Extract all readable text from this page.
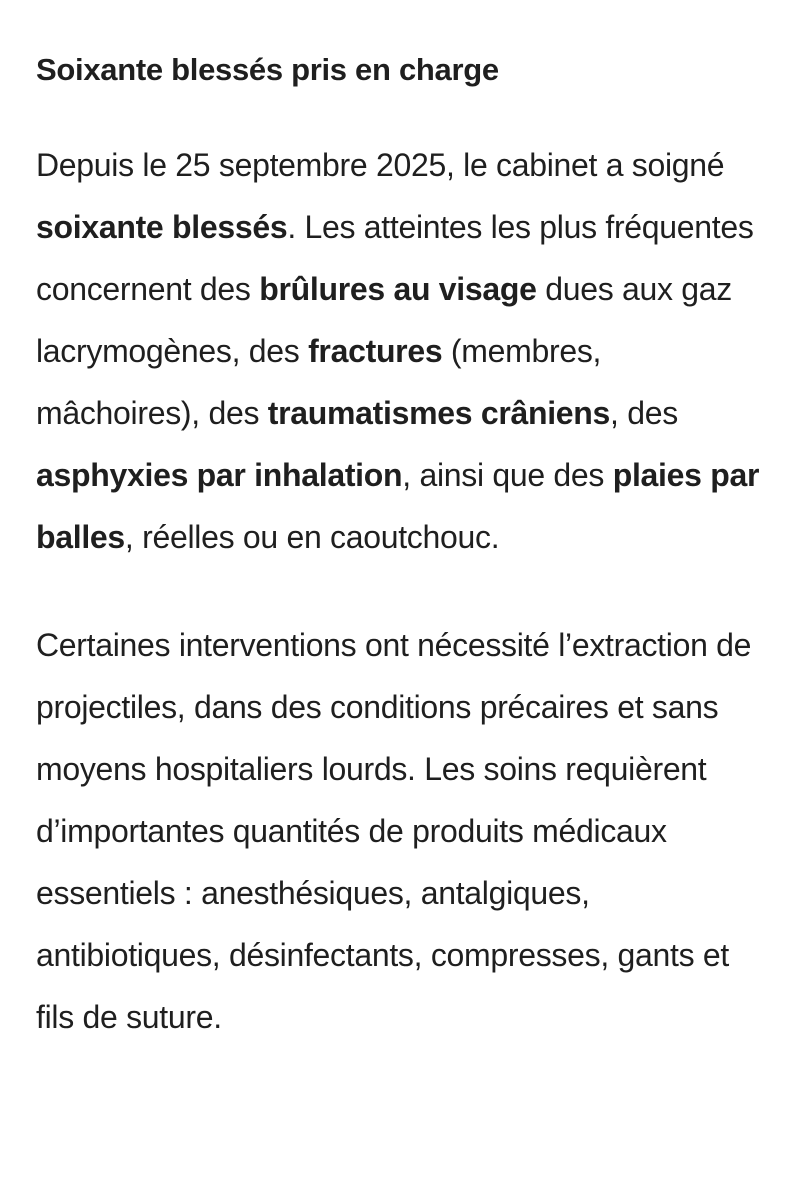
Soixante blessés pris en charge

Depuis le 25 septembre 2025, le cabinet a soigné soixante blessés. Les atteintes les plus fréquentes concernent des brûlures au visage dues aux gaz lacrymogènes, des fractures (membres, mâchoires), des traumatismes crâniens, des asphyxies par inhalation, ainsi que des plaies par balles, réelles ou en caoutchouc.

Certaines interventions ont nécessité l’extraction de projectiles, dans des conditions précaires et sans moyens hospitaliers lourds. Les soins requièrent d’importantes quantités de produits médicaux essentiels : anesthésiques, antalgiques, antibiotiques, désinfectants, compresses, gants et fils de suture.
